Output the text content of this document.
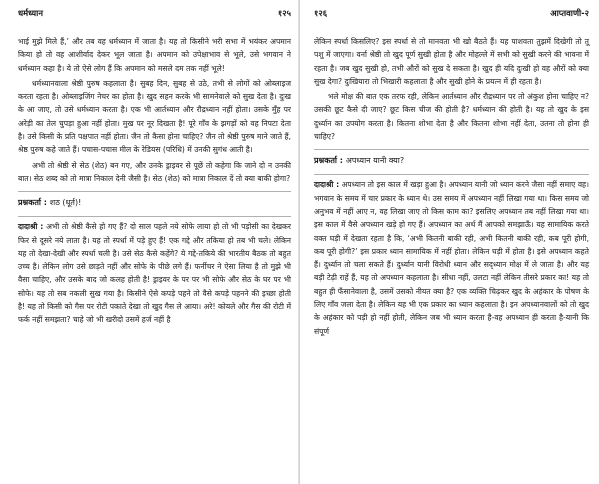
धर्मध्यान	१२५

भाई मुझे मिले हैं,’ और तब वह धर्मध्यान में जाता है। यह तो किसीने भरी सभा में भयंकर अपमान किया हो तो वह आशीर्वाद देकर भूल जाता है। अपमान को उपेक्षाभाव से भूले, उसे भगवान ने धर्मध्यान कहा है। ये तो ऐसे लोग हैं कि अपमान को मसले दम तक नहीं भूले!

धर्मध्यानवाला श्रेष्ठी पुरुष कहलाता है। सुबह दिन, सुबह से उठे, तभी से लोगों को ओब्लाइज करता रहता है। ओब्लाइजिंग नेचर का होता है। खुद सहन करके भी सामनेवाले को सुख देता है। दुःख के आ जाए, तो उसे धर्मध्यान करता है। एक भी आर्तध्यान और रौद्रध्यान नहीं होता। उसके मुँह पर अरेड़ी का तेल चुपड़ा हुआ नहीं होता। मुख पर नूर दिखता है! पूरे गाँव के झगड़ों को वह निपटा देता है। उसे किसी के प्रति पक्षपात नहीं होता। जैन तो कैसा होना चाहिए? जैन तो श्रेष्ठी पुरुष माने जाते हैं, श्रेष्ठ पुरुष कहे जाते हैं। पचास-पचास मील के रेडियस (परिधि) में उनकी सुगंध आती है।

अभी तो श्रेष्ठी से सेठ (शेठ) बन गए, और उनके ड्राइवर से पूछें तो कहेगा कि जाने दो न उनकी बात। सेठ शब्द को तो मात्रा निकाल देनी जैसी है। सेठ (शेठ) को मात्रा निकाल दें तो क्या बाकी होगा?

प्रश्नकर्ता : शठ (धूर्त)!

दादाश्री : अभी तो श्रेष्ठी कैसे हो गए हैं? दो साल पहले नये सोफे लाया हो तो भी पड़ोसी का देखकर फिर से दूसरे नये लाता है। यह तो स्पर्धा में पड़े हुए हैं! एक गद्दे और तकिया हो तब भी चले। लेकिन यह तो देखा-देखी और स्पर्धा चली है। उसे सेठ कैसे कहेंगे? ये गद्दे-तकिये की भारतीय बैठक तो बहुत उच्च है। लेकिन लोग उसे छाड़ते नहीं और सोफे के पीछे लगे हैं। फर्नीचर ने ऐसा लिया है तो मुझे भी वैसा चाहिए, और उसके बाद जो कलह होती है! ड्राइवर के पर पर भी सोफे और सेठ के घर पर भी सोफे। यह तो सब नकली सुख गया है। किसीने ऐसे कपड़े पहने तो वैसे कपड़े पहनने की इच्छा होती है! यह तो किसी को गैस पर रोटी पकाते देखा तो खुद गैस ले आया। अरे! कोयले और गैस की रोटी में फर्क नहीं समझता? चाहे जो भी खरीदो उसमें हर्ज नहीं है

१२६	आप्तवाणी-२

लेकिन स्पर्धा किसलिए? इस स्पर्धा से तो मानवता भी खो बैठते हैं। यह पाशवता तुझमें दिखेगी तो तू पशु में जाएगा। वर्ना श्रेष्ठी तो खुद पूर्ण सुखी होता है और मोहल्ले में सभी को सुखी करने की भावना में रहता है। जब खुद सुखी हो, तभी औरों को सुख दे सकता है। खुद ही यदि दुःखी हो वह औरों को क्या सुख देगा? दुःखियारा तो भिखारी कहलाता है और सुखी होने के प्रयत्न में ही रहता है।

भले मोक्ष की बात एक तरफ रही, लेकिन आर्तध्यान और रौद्रध्यान पर तो अंकुश होना चाहिए न? उसकी छूट कैसे दी जाए? छूट किस चीज की होती है? धर्मध्यान की होती है। यह तो खुद के इस दुर्ध्यान का उपयोग करता है। कितना शोभा देता है और कितना शोभा नहीं देता, उतना तो होना ही चाहिए?

प्रश्नकर्ता : अपध्यान यानी क्या?

दादाश्री : अपध्यान तो इस काल में खड़ा हुआ है। अपध्यान यानी जो ध्यान करने जैसा नहीं समाए वह। भगवान के समय में चार प्रकार के ध्यान थे। उस समय में अपध्यान नहीं लिखा गया था। किस समय जो अनुभव में नहीं आए न, वह लिखा जाए तो किस काम का? इसलिए अपध्यान तब नहीं लिखा गया था। इस काल में वैसे अपध्यान खड़े हो गए हैं। अपध्यान का अर्थ मैं आपको समझाऊँ। यह सामायिक करते वक्त घड़ी में देखता रहता है कि, ‘अभी कितनी बाकी रही, अभी कितनी बाकी रही, कब पूरी होगी, कब पूरी होगी?’ इस प्रकार ध्यान सामायिक में नहीं होता। लेकिन घड़ी में होता है। इसे अपध्यान कहते हैं। दुर्ध्यान तो चला सकते हैं। दुर्ध्यान यानी विरोधी ध्यान और सद्‍ध्यान मोक्ष में ले जाता है। और यह बड़ी टेढ़ी राहें हैं, यह तो अपध्यान कहलाता है। सीधा नहीं, उलटा नहीं लेकिन तीसरे प्रकार का! यह तो बहुत ही फँसानेवाला है, उसमें उसको नीयत क्या है? एक व्यक्ति चिढ़कर खुद के अहंकार के पोषण के लिए गाँव जला देता है। लेकिन यह भी एक प्रकार का ध्यान कहलाता है। इन अपध्यानवालों को तो खुद के अहंकार को पड़ी हो नहीं होती, लेकिन जब भी ध्यान करता है-वह अपध्यान ही करता है-यानी कि संपूर्ण
